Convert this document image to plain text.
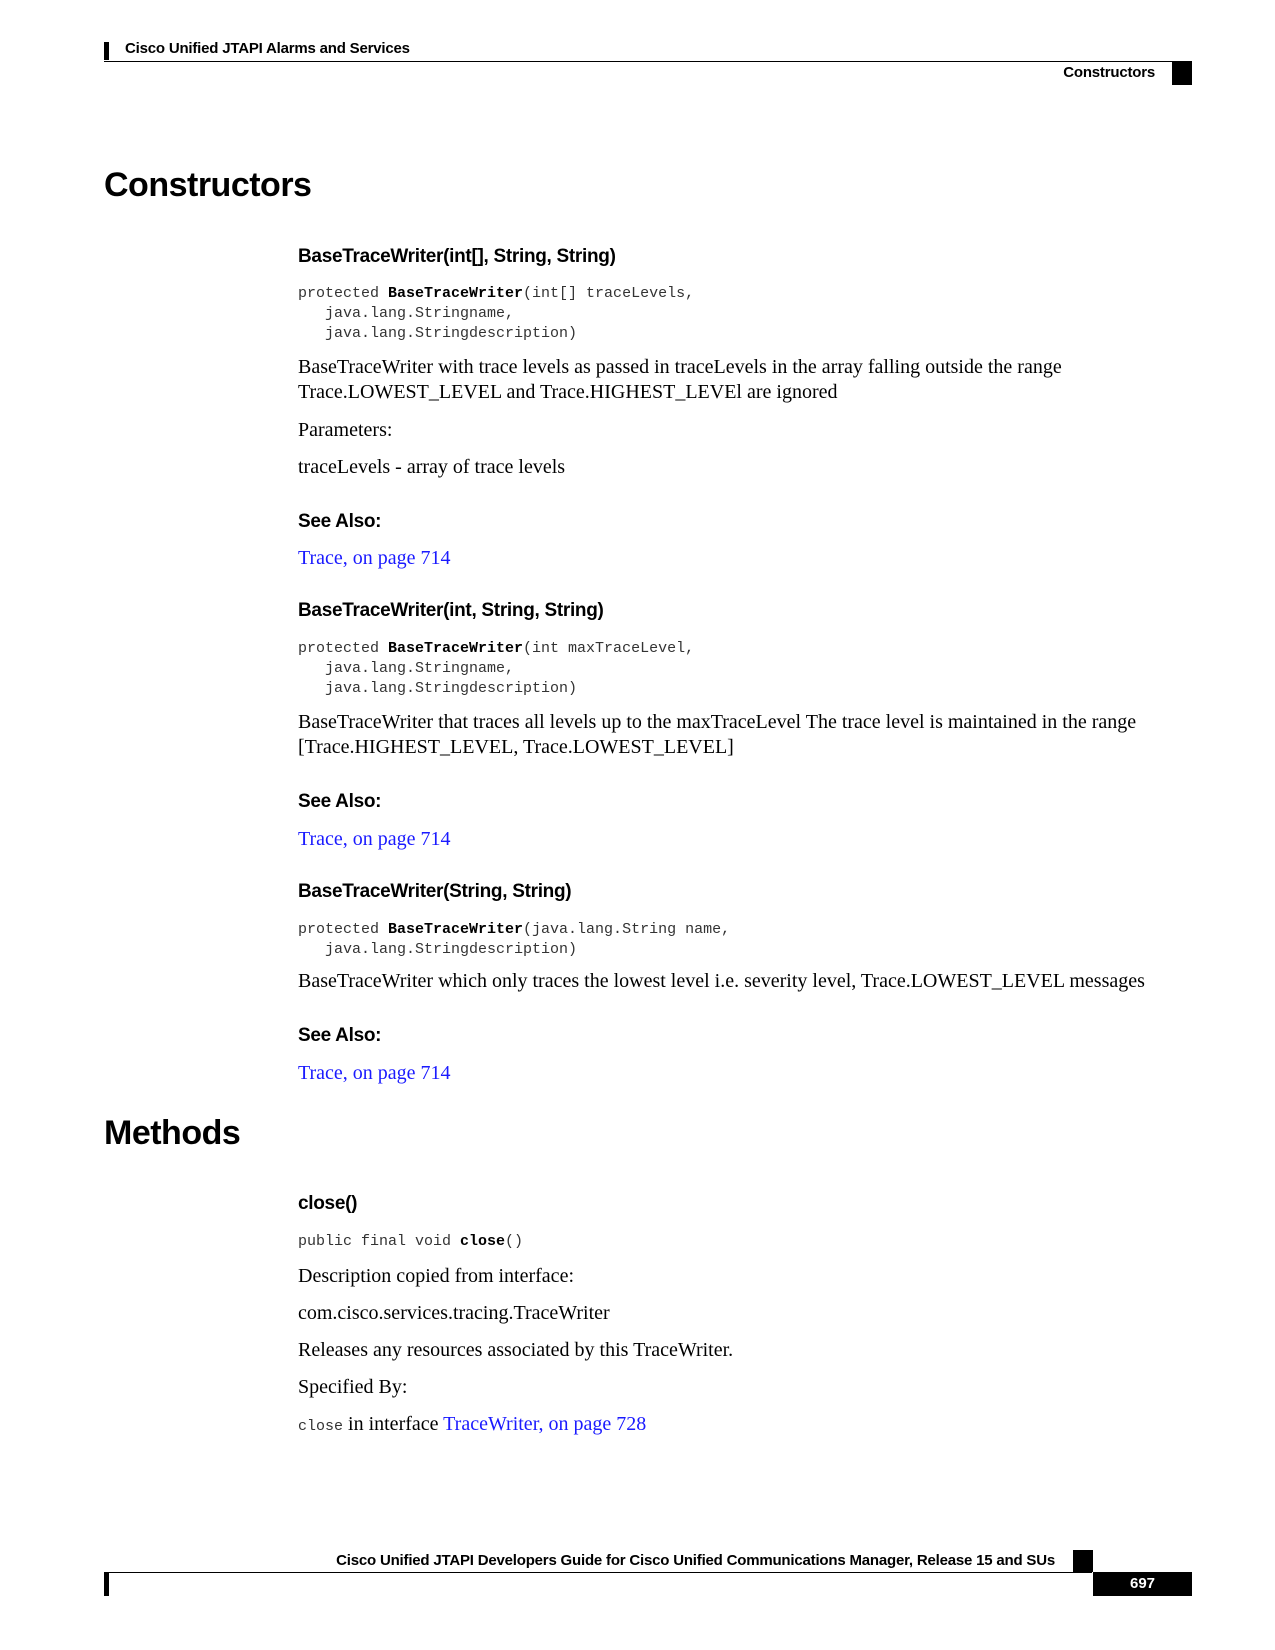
Cisco Unified JTAPI Alarms and Services
Constructors
Constructors
BaseTraceWriter(int[], String, String)
protected BaseTraceWriter(int[] traceLevels,
java.lang.Stringname,
java.lang.Stringdescription)

BaseTraceWriter with trace levels as passed in traceLevels in the array falling outside the range Trace.LOWEST_LEVEL and Trace.HIGHEST_LEVEl are ignored

Parameters:

traceLevels - array of trace levels

See Also:

Trace, on page 714

BaseTraceWriter(int, String, String)
protected BaseTraceWriter(int maxTraceLevel,
java.lang.Stringname,
java.lang.Stringdescription)

BaseTraceWriter that traces all levels up to the maxTraceLevel The trace level is maintained in the range [Trace.HIGHEST_LEVEL, Trace.LOWEST_LEVEL]

See Also:

Trace, on page 714

BaseTraceWriter(String, String)
protected BaseTraceWriter(java.lang.String name,
java.lang.Stringdescription)

BaseTraceWriter which only traces the lowest level i.e. severity level, Trace.LOWEST_LEVEL messages

See Also:

Trace, on page 714

Methods
close()
public final void close()

Description copied from interface:

com.cisco.services.tracing.TraceWriter

Releases any resources associated by this TraceWriter.

Specified By:

close in interface TraceWriter, on page 728

Cisco Unified JTAPI Developers Guide for Cisco Unified Communications Manager, Release 15 and SUs
697
